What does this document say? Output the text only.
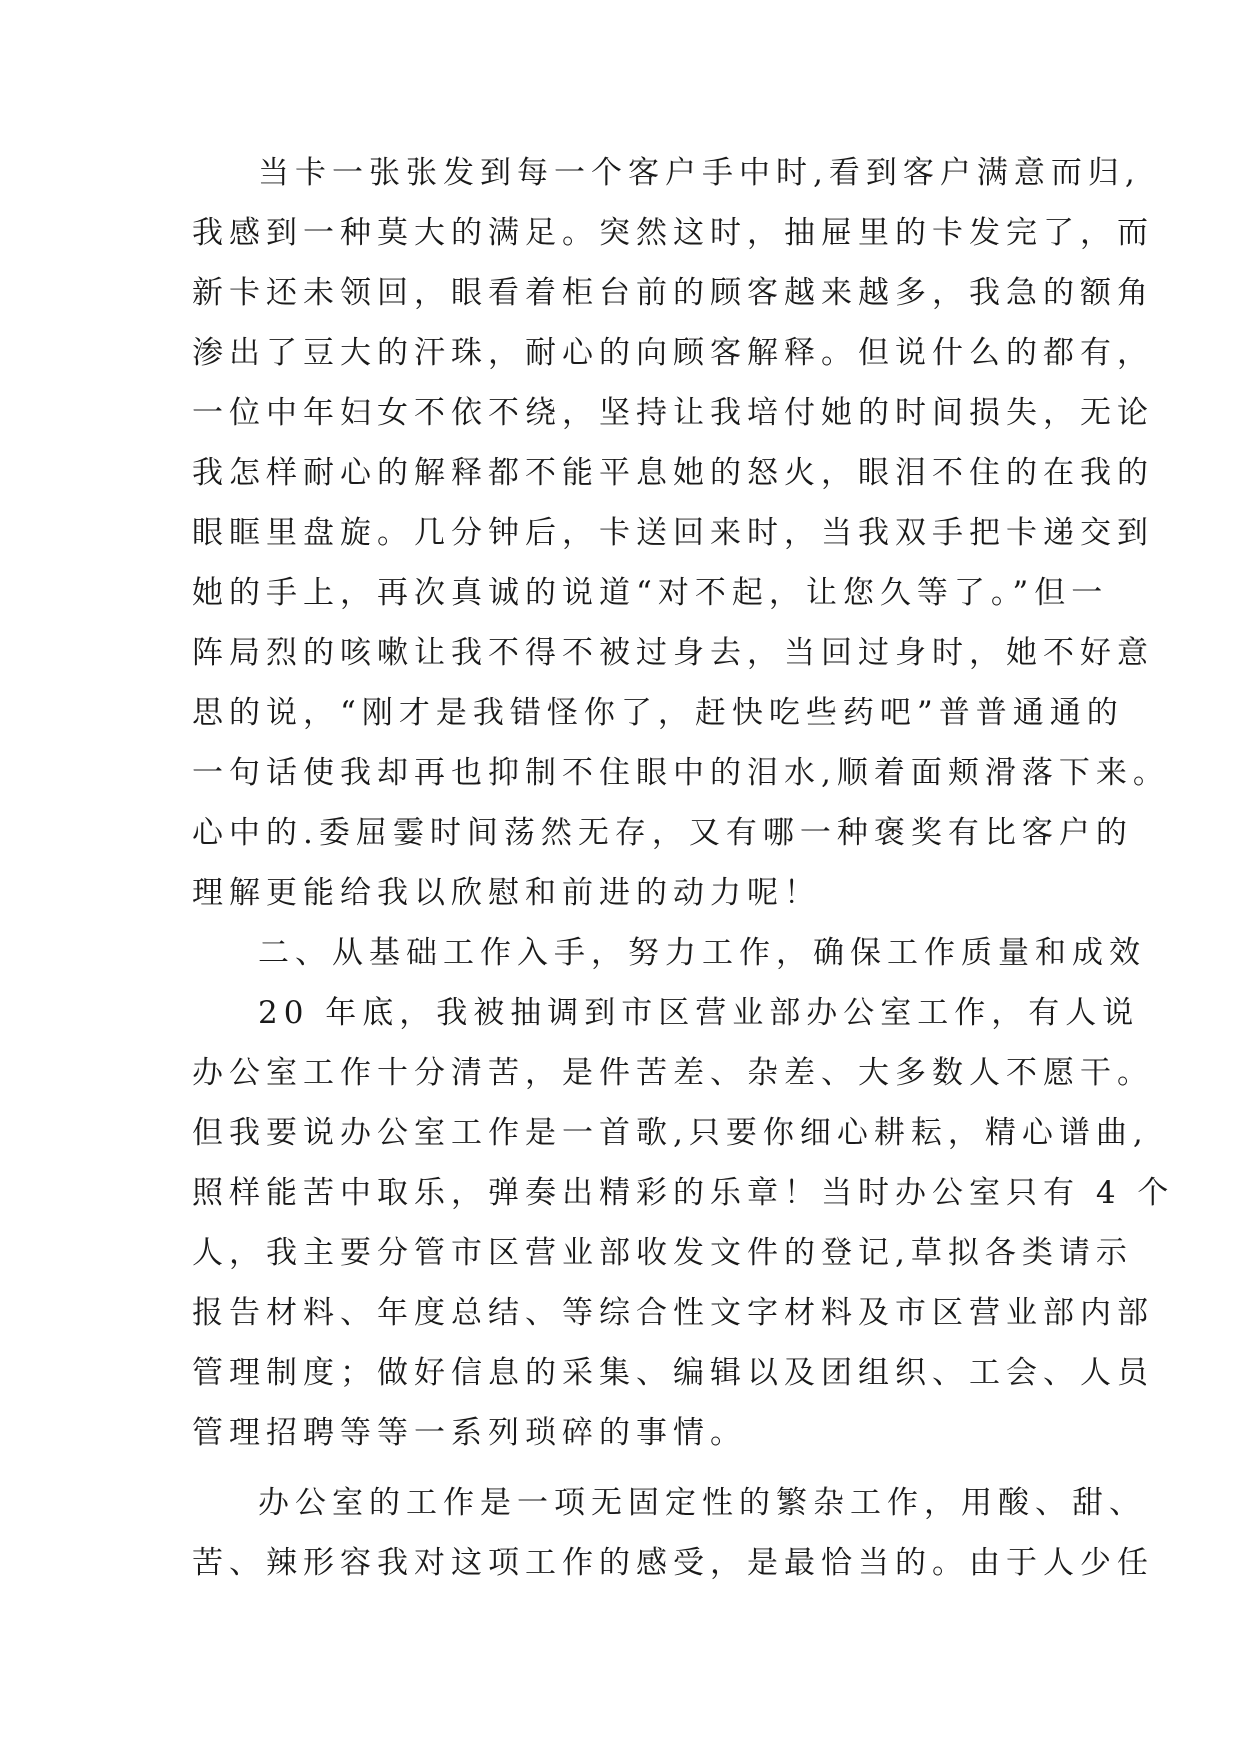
当卡一张张发到每一个客户手中时,看到客户满意而归,
我感到一种莫大的满足。突然这时，抽屉里的卡发完了，而
新卡还未领回，眼看着柜台前的顾客越来越多，我急的额角
渗出了豆大的汗珠，耐心的向顾客解释。但说什么的都有，
一位中年妇女不依不绕，坚持让我培付她的时间损失，无论
我怎样耐心的解释都不能平息她的怒火，眼泪不住的在我的
眼眶里盘旋。几分钟后，卡送回来时，当我双手把卡递交到
她的手上，再次真诚的说道“对不起，让您久等了。”但一
阵局烈的咳嗽让我不得不被过身去，当回过身时，她不好意
思的说，“刚才是我错怪你了，赶快吃些药吧”普普通通的
一句话使我却再也抑制不住眼中的泪水,顺着面颊滑落下来。
心中的.委屈霎时间荡然无存，又有哪一种褒奖有比客户的
理解更能给我以欣慰和前进的动力呢！
二、从基础工作入手，努力工作，确保工作质量和成效
20 年底，我被抽调到市区营业部办公室工作，有人说
办公室工作十分清苦，是件苦差、杂差、大多数人不愿干。
但我要说办公室工作是一首歌,只要你细心耕耘，精心谱曲,
照样能苦中取乐，弹奏出精彩的乐章！当时办公室只有 4 个
人，我主要分管市区营业部收发文件的登记,草拟各类请示
报告材料、年度总结、等综合性文字材料及市区营业部内部
管理制度；做好信息的采集、编辑以及团组织、工会、人员
管理招聘等等一系列琐碎的事情。
办公室的工作是一项无固定性的繁杂工作，用酸、甜、
苦、辣形容我对这项工作的感受，是最恰当的。由于人少任
